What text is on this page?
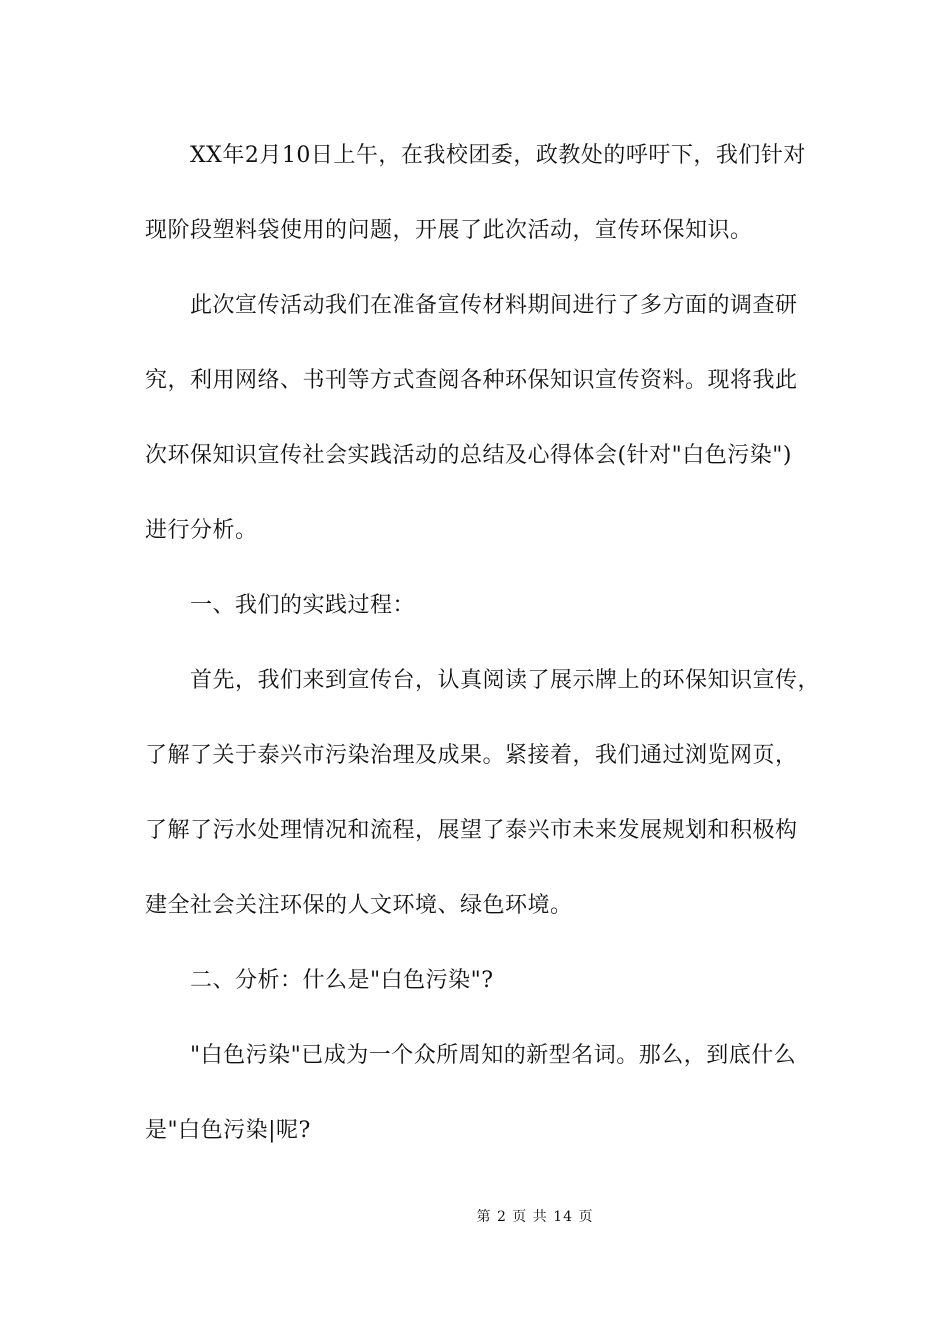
XX年2月10日上午，在我校团委，政教处的呼吁下，我们针对
现阶段塑料袋使用的问题，开展了此次活动，宣传环保知识。
此次宣传活动我们在准备宣传材料期间进行了多方面的调查研
究，利用网络、书刊等方式查阅各种环保知识宣传资料。现将我此
次环保知识宣传社会实践活动的总结及心得体会(针对"白色污染")
进行分析。
一、我们的实践过程：
首先，我们来到宣传台，认真阅读了展示牌上的环保知识宣传，
了解了关于泰兴市污染治理及成果。紧接着，我们通过浏览网页，
了解了污水处理情况和流程，展望了泰兴市未来发展规划和积极构
建全社会关注环保的人文环境、绿色环境。
二、分析：什么是"白色污染"?
"白色污染"已成为一个众所周知的新型名词。那么，到底什么
是"白色污染|呢?
第 2 页 共 14 页
